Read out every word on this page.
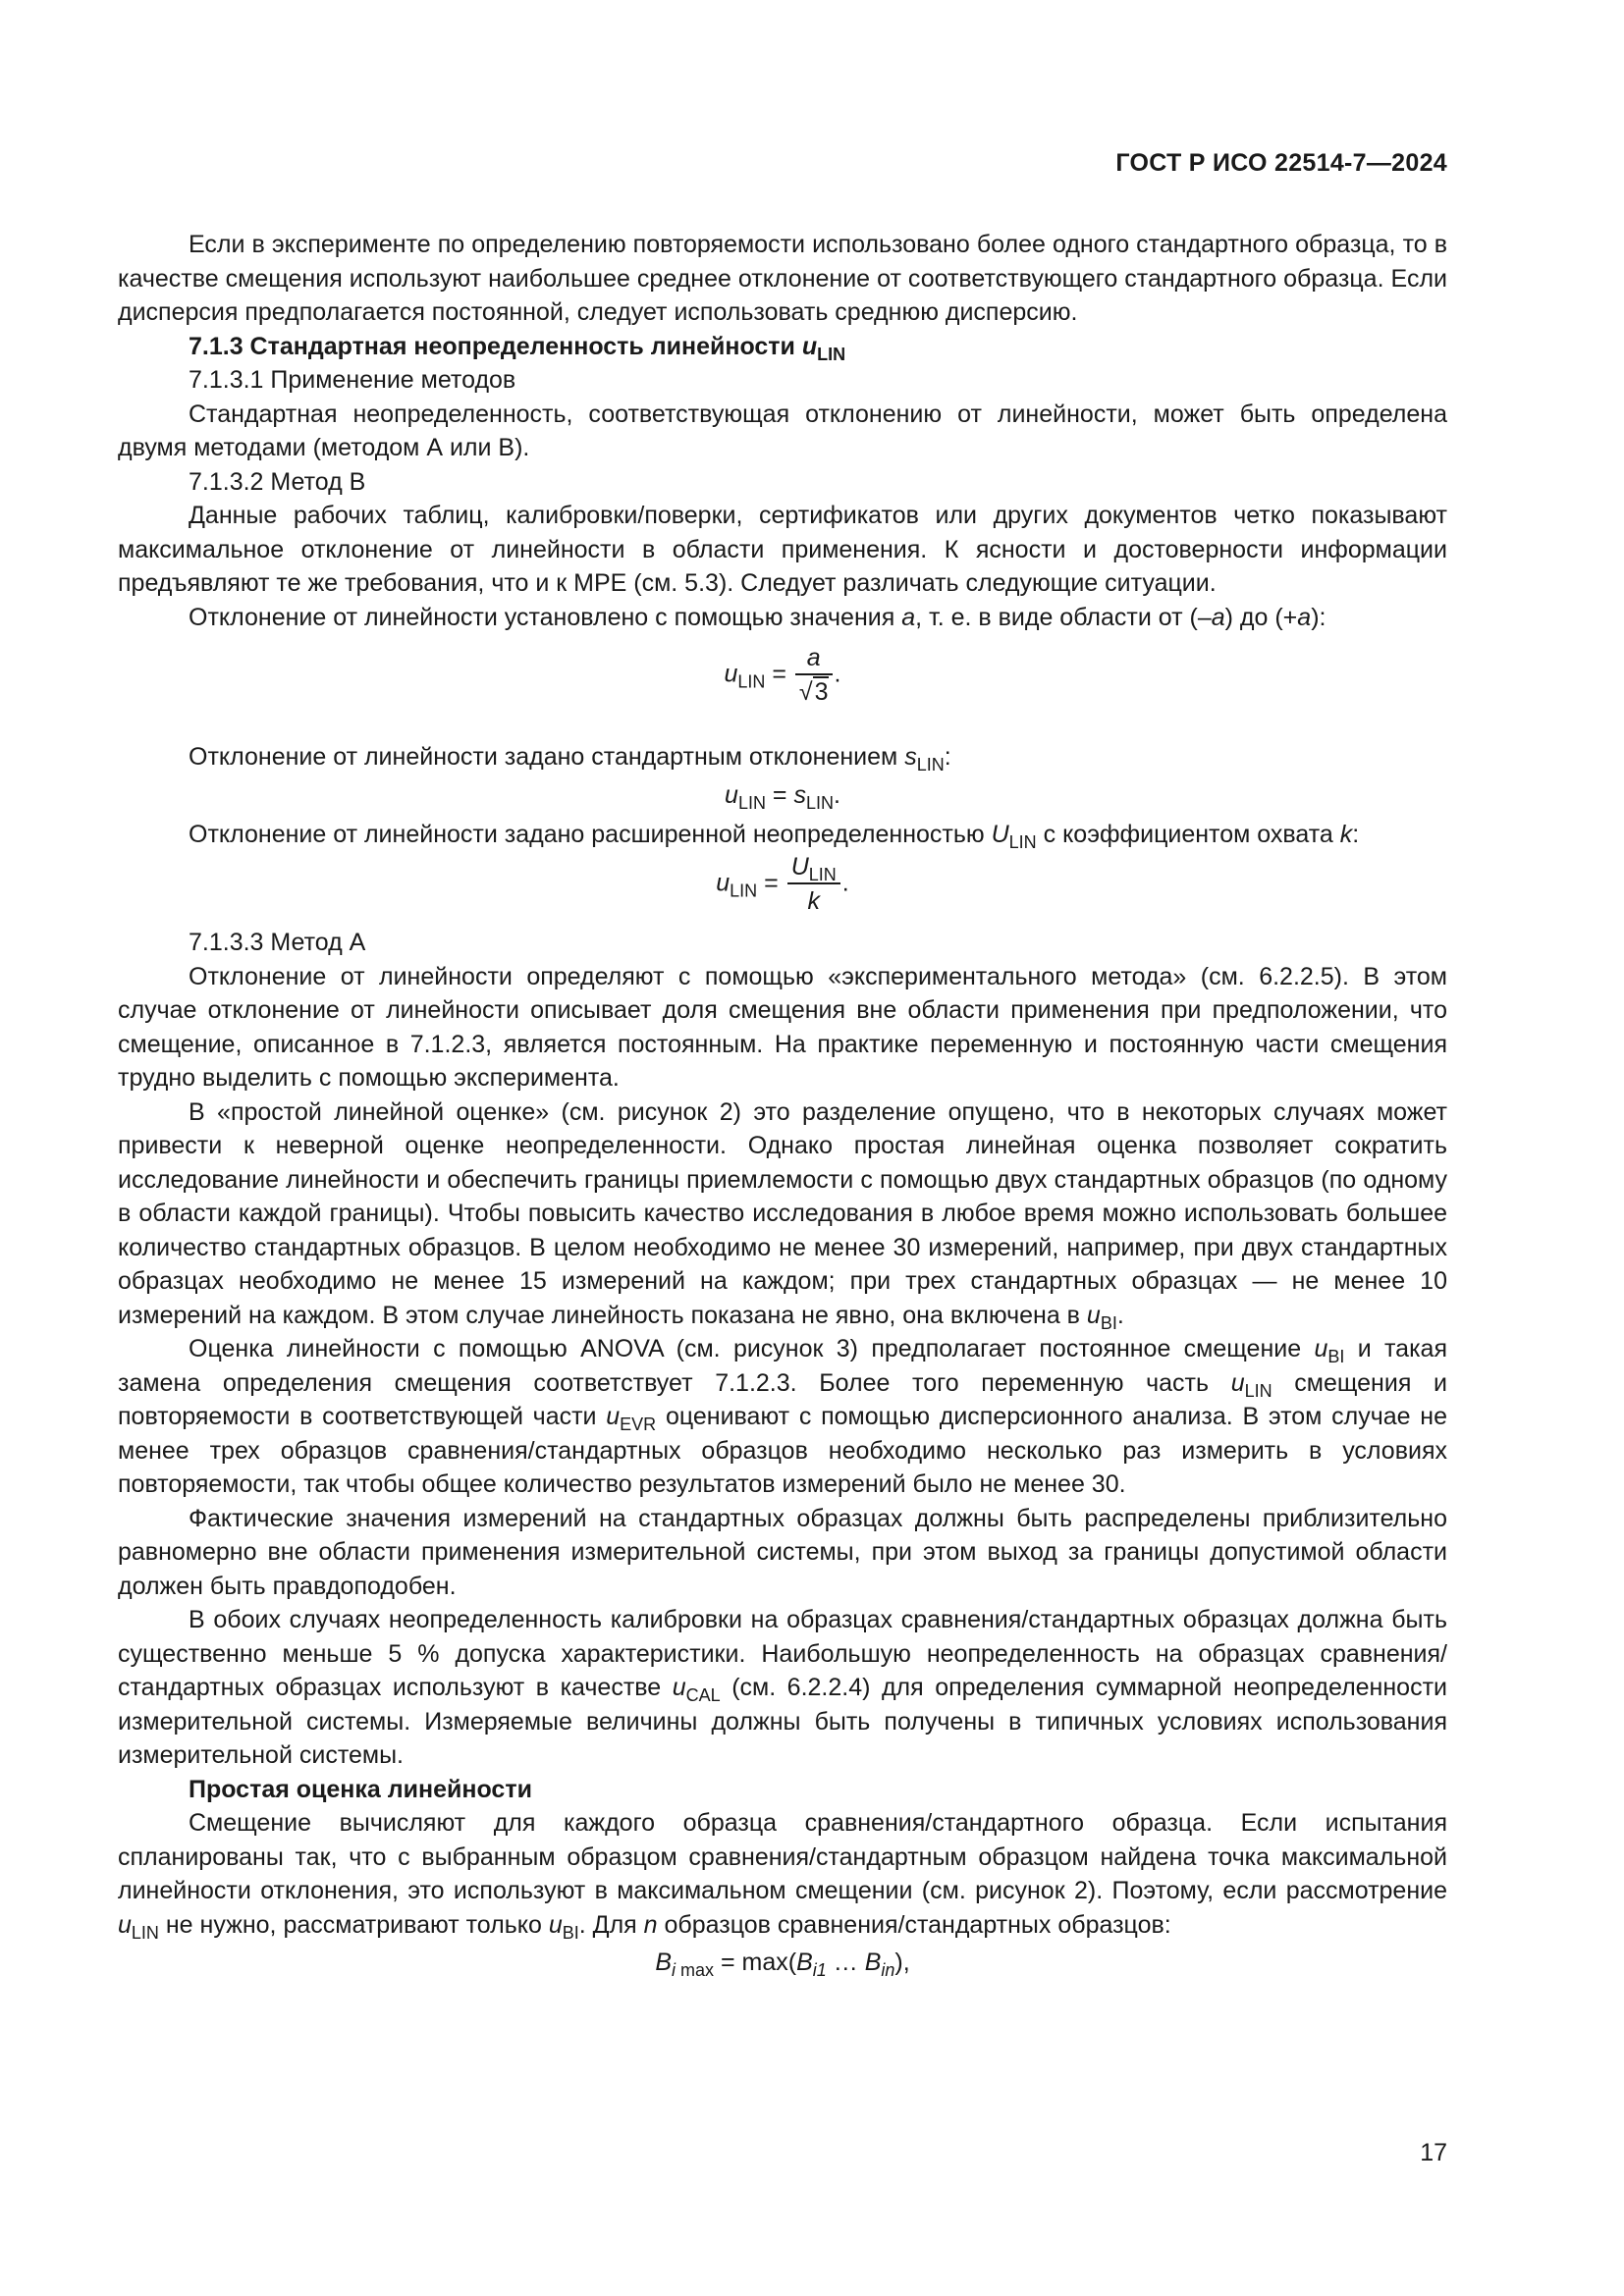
ГОСТ Р ИСО 22514-7—2024

Если в эксперименте по определению повторяемости использовано более одного стандартного образца, то в качестве смещения используют наибольшее среднее отклонение от соответствующего стандартного образца. Если дисперсия предполагается постоянной, следует использовать среднюю дисперсию.

7.1.3 Стандартная неопределенность линейности $u_{LIN}$

7.1.3.1 Применение методов

Стандартная неопределенность, соответствующая отклонению от линейности, может быть определена двумя методами (методом А или В).

7.1.3.2 Метод В

Данные рабочих таблиц, калибровки/поверки, сертификатов или других документов четко показывают максимальное отклонение от линейности в области применения. К ясности и достоверности информации предъявляют те же требования, что и к МРЕ (см. 5.3). Следует различать следующие ситуации.

Отклонение от линейности установлено с помощью значения a, т. е. в виде области от (–a) до (+a):

$u_{LIN} = \frac{a}{√3}$ .

Отклонение от линейности задано стандартным отклонением $s_{LIN}$:

$u_{LIN} = s_{LIN}$.

Отклонение от линейности задано расширенной неопределенностью $U_{LIN}$ с коэффициентом охвата k:

$u_{LIN} = \frac{U_{LIN}}{k}$ .

7.1.3.3 Метод А

Отклонение от линейности определяют с помощью «экспериментального метода» (см. 6.2.2.5). В этом случае отклонение от линейности описывает доля смещения вне области применения при предположении, что смещение, описанное в 7.1.2.3, является постоянным. На практике переменную и постоянную части смещения трудно выделить с помощью эксперимента.

В «простой линейной оценке» (см. рисунок 2) это разделение опущено, что в некоторых случаях может привести к неверной оценке неопределенности. Однако простая линейная оценка позволяет сократить исследование линейности и обеспечить границы приемлемости с помощью двух стандартных образцов (по одному в области каждой границы). Чтобы повысить качество исследования в любое время можно использовать большее количество стандартных образцов. В целом необходимо не менее 30 измерений, например, при двух стандартных образцах необходимо не менее 15 измерений на каждом; при трех стандартных образцах — не менее 10 измерений на каждом. В этом случае линейность показана не явно, она включена в $u_{BI}$.

Оценка линейности с помощью ANOVA (см. рисунок 3) предполагает постоянное смещение $u_{BI}$ и такая замена определения смещения соответствует 7.1.2.3. Более того переменную часть $u_{LIN}$ смещения и повторяемости в соответствующей части $u_{EVR}$ оценивают с помощью дисперсионного анализа. В этом случае не менее трех образцов сравнения/стандартных образцов необходимо несколько раз измерить в условиях повторяемости, так чтобы общее количество результатов измерений было не менее 30.

Фактические значения измерений на стандартных образцах должны быть распределены приблизительно равномерно вне области применения измерительной системы, при этом выход за границы допустимой области должен быть правдоподобен.

В обоих случаях неопределенность калибровки на образцах сравнения/стандартных образцах должна быть существенно меньше 5 % допуска характеристики. Наибольшую неопределенность на образцах сравнения/стандартных образцах используют в качестве $u_{CAL}$ (см. 6.2.2.4) для определения суммарной неопределенности измерительной системы. Измеряемые величины должны быть получены в типичных условиях использования измерительной системы.

Простая оценка линейности

Смещение вычисляют для каждого образца сравнения/стандартного образца. Если испытания спланированы так, что с выбранным образцом сравнения/стандартным образцом найдена точка максимальной линейности отклонения, это используют в максимальном смещении (см. рисунок 2). Поэтому, если рассмотрение $u_{LIN}$ не нужно, рассматривают только $u_{BI}$. Для n образцов сравнения/стандартных образцов:

$B_{i max} = \max(B_{i1}$ … $B_{in}$),
17
